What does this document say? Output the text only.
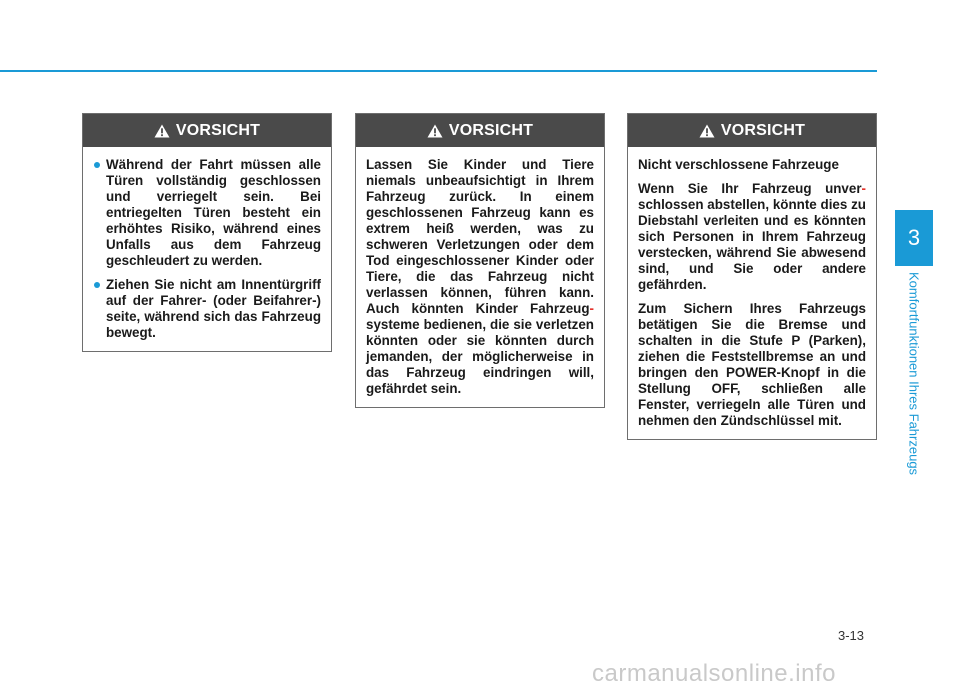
3
Komfortfunktionen Ihres Fahrzeugs
VORSICHT
Während der Fahrt müssen alle Türen vollständig geschlossen und verriegelt sein. Bei entriegelten Türen besteht ein erhöhtes Risiko, während eines Unfalls aus dem Fahrzeug geschleudert zu werden.
Ziehen Sie nicht am Innentürgriff auf der Fahrer- (oder Beifahrer-) seite, während sich das Fahrzeug bewegt.
VORSICHT

Lassen Sie Kinder und Tiere niemals unbeaufsichtigt in Ihrem Fahrzeug zurück. In einem geschlossenen Fahrzeug kann es extrem heiß werden, was zu schweren Verletzungen oder dem Tod eingeschlossener Kinder oder Tiere, die das Fahrzeug nicht verlassen können, führen kann. Auch könnten Kinder Fahrzeug- systeme bedienen, die sie verletzen könnten oder sie könnten durch jemanden, der möglicherweise in das Fahrzeug eindringen will, gefährdet sein.

VORSICHT

Nicht verschlossene Fahrzeuge

Wenn Sie Ihr Fahrzeug unver- schlossen abstellen, könnte dies zu Diebstahl verleiten und es könnten sich Personen in Ihrem Fahrzeug verstecken, während Sie abwesend sind, und Sie oder andere gefährden.

Zum Sichern Ihres Fahrzeugs betätigen Sie die Bremse und schalten in die Stufe P (Parken), ziehen die Feststellbremse an und bringen den POWER-Knopf in die Stellung OFF, schließen alle Fenster, verriegeln alle Türen und nehmen den Zündschlüssel mit.

3-13
carmanualsonline.info
